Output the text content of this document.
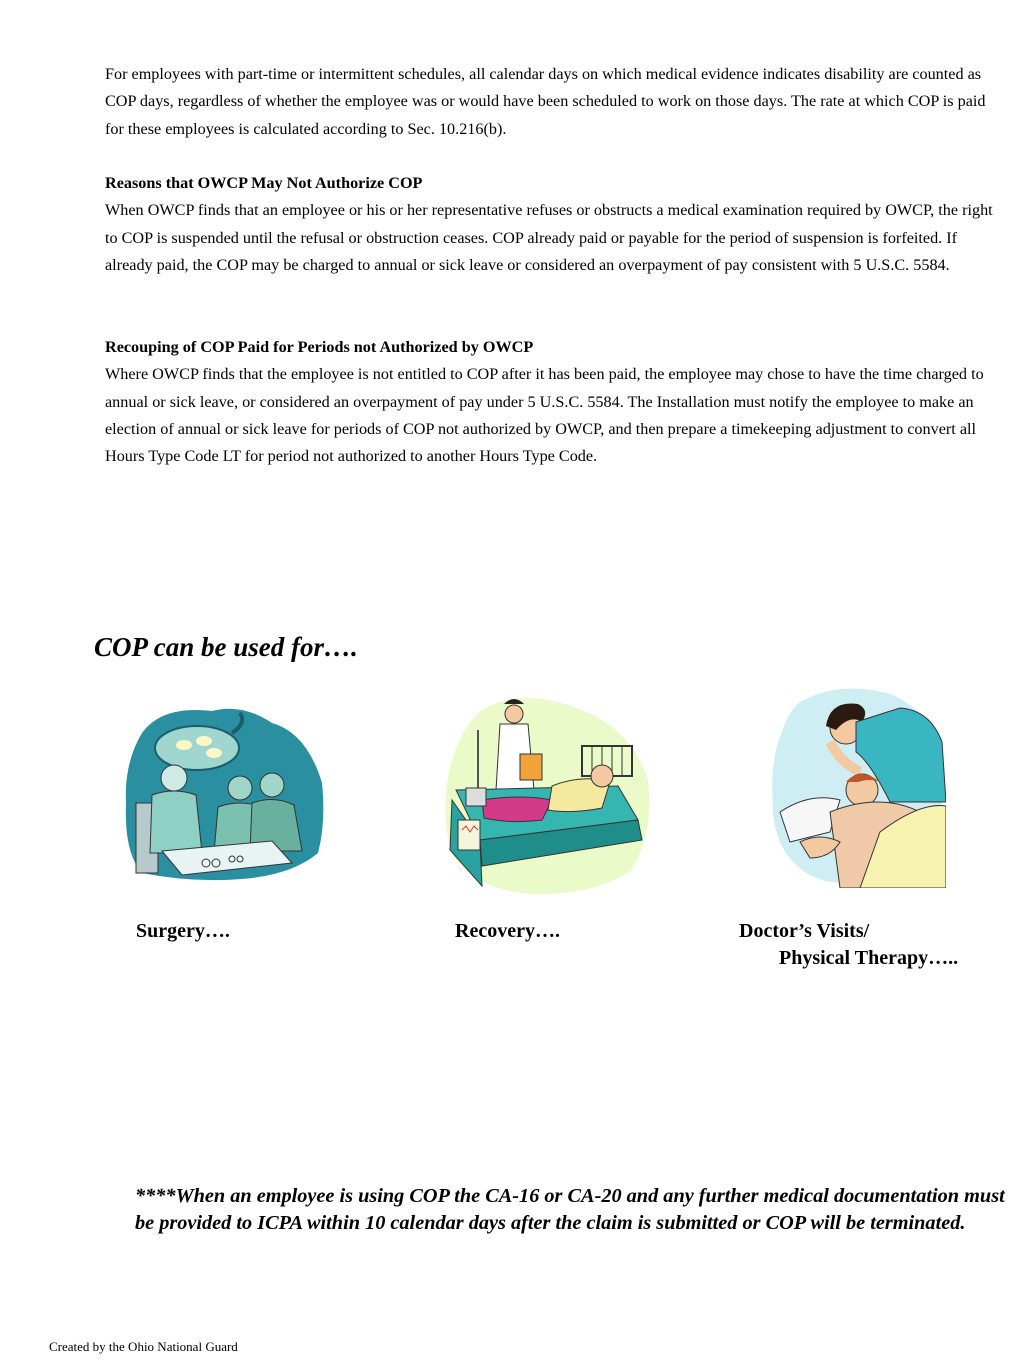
For employees with part-time or intermittent schedules, all calendar days on which medical evidence indicates disability are counted as COP days, regardless of whether the employee was or would have been scheduled to work on those days. The rate at which COP is paid for these employees is calculated according to Sec. 10.216(b).

Reasons that OWCP May Not Authorize COP
When OWCP finds that an employee or his or her representative refuses or obstructs a medical examination required by OWCP, the right to COP is suspended until the refusal or obstruction ceases. COP already paid or payable for the period of suspension is forfeited. If already paid, the COP may be charged to annual or sick leave or considered an overpayment of pay consistent with 5 U.S.C. 5584.
Recouping of COP Paid for Periods not Authorized by OWCP
Where OWCP finds that the employee is not entitled to COP after it has been paid, the employee may chose to have the time charged to annual or sick leave, or considered an overpayment of pay under 5 U.S.C. 5584. The Installation must notify the employee to make an election of annual or sick leave for periods of COP not authorized by OWCP, and then prepare a timekeeping adjustment to convert all Hours Type Code LT for period not authorized to another Hours Type Code.
COP can be used for….
Surgery….	Recovery….	Doctor’s Visits/
Physical Therapy…..

****When an employee is using COP the CA-16 or CA-20 and any further medical documentation must be provided to ICPA within 10 calendar days after the claim is submitted or COP will be terminated.

Created by the Ohio National Guard
